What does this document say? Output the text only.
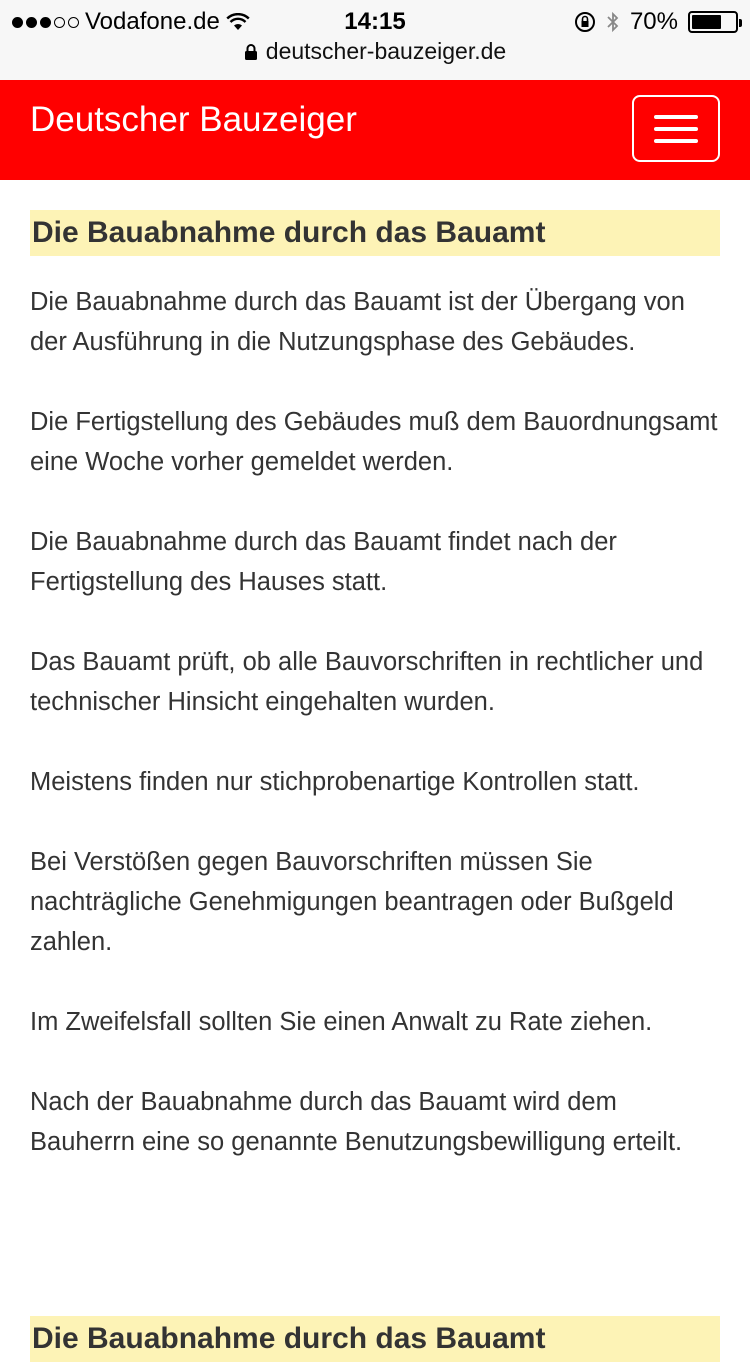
Vodafone.de	14:15	70%
deutscher-bauzeiger.de
Deutscher Bauzeiger
Die Bauabnahme durch das Bauamt

Die Bauabnahme durch das Bauamt ist der Übergang von der Ausführung in die Nutzungsphase des Gebäudes.

Die Fertigstellung des Gebäudes muß dem Bauordnungsamt eine Woche vorher gemeldet werden.

Die Bauabnahme durch das Bauamt findet nach der Fertigstellung des Hauses statt.

Das Bauamt prüft, ob alle Bauvorschriften in rechtlicher und technischer Hinsicht eingehalten wurden.

Meistens finden nur stichprobenartige Kontrollen statt.

Bei Verstößen gegen Bauvorschriften müssen Sie nachträgliche Genehmigungen beantragen oder Bußgeld zahlen.

Im Zweifelsfall sollten Sie einen Anwalt zu Rate ziehen.

Nach der Bauabnahme durch das Bauamt wird dem Bauherrn eine so genannte Benutzungsbewilligung erteilt.

Die Bauabnahme durch das Bauamt
